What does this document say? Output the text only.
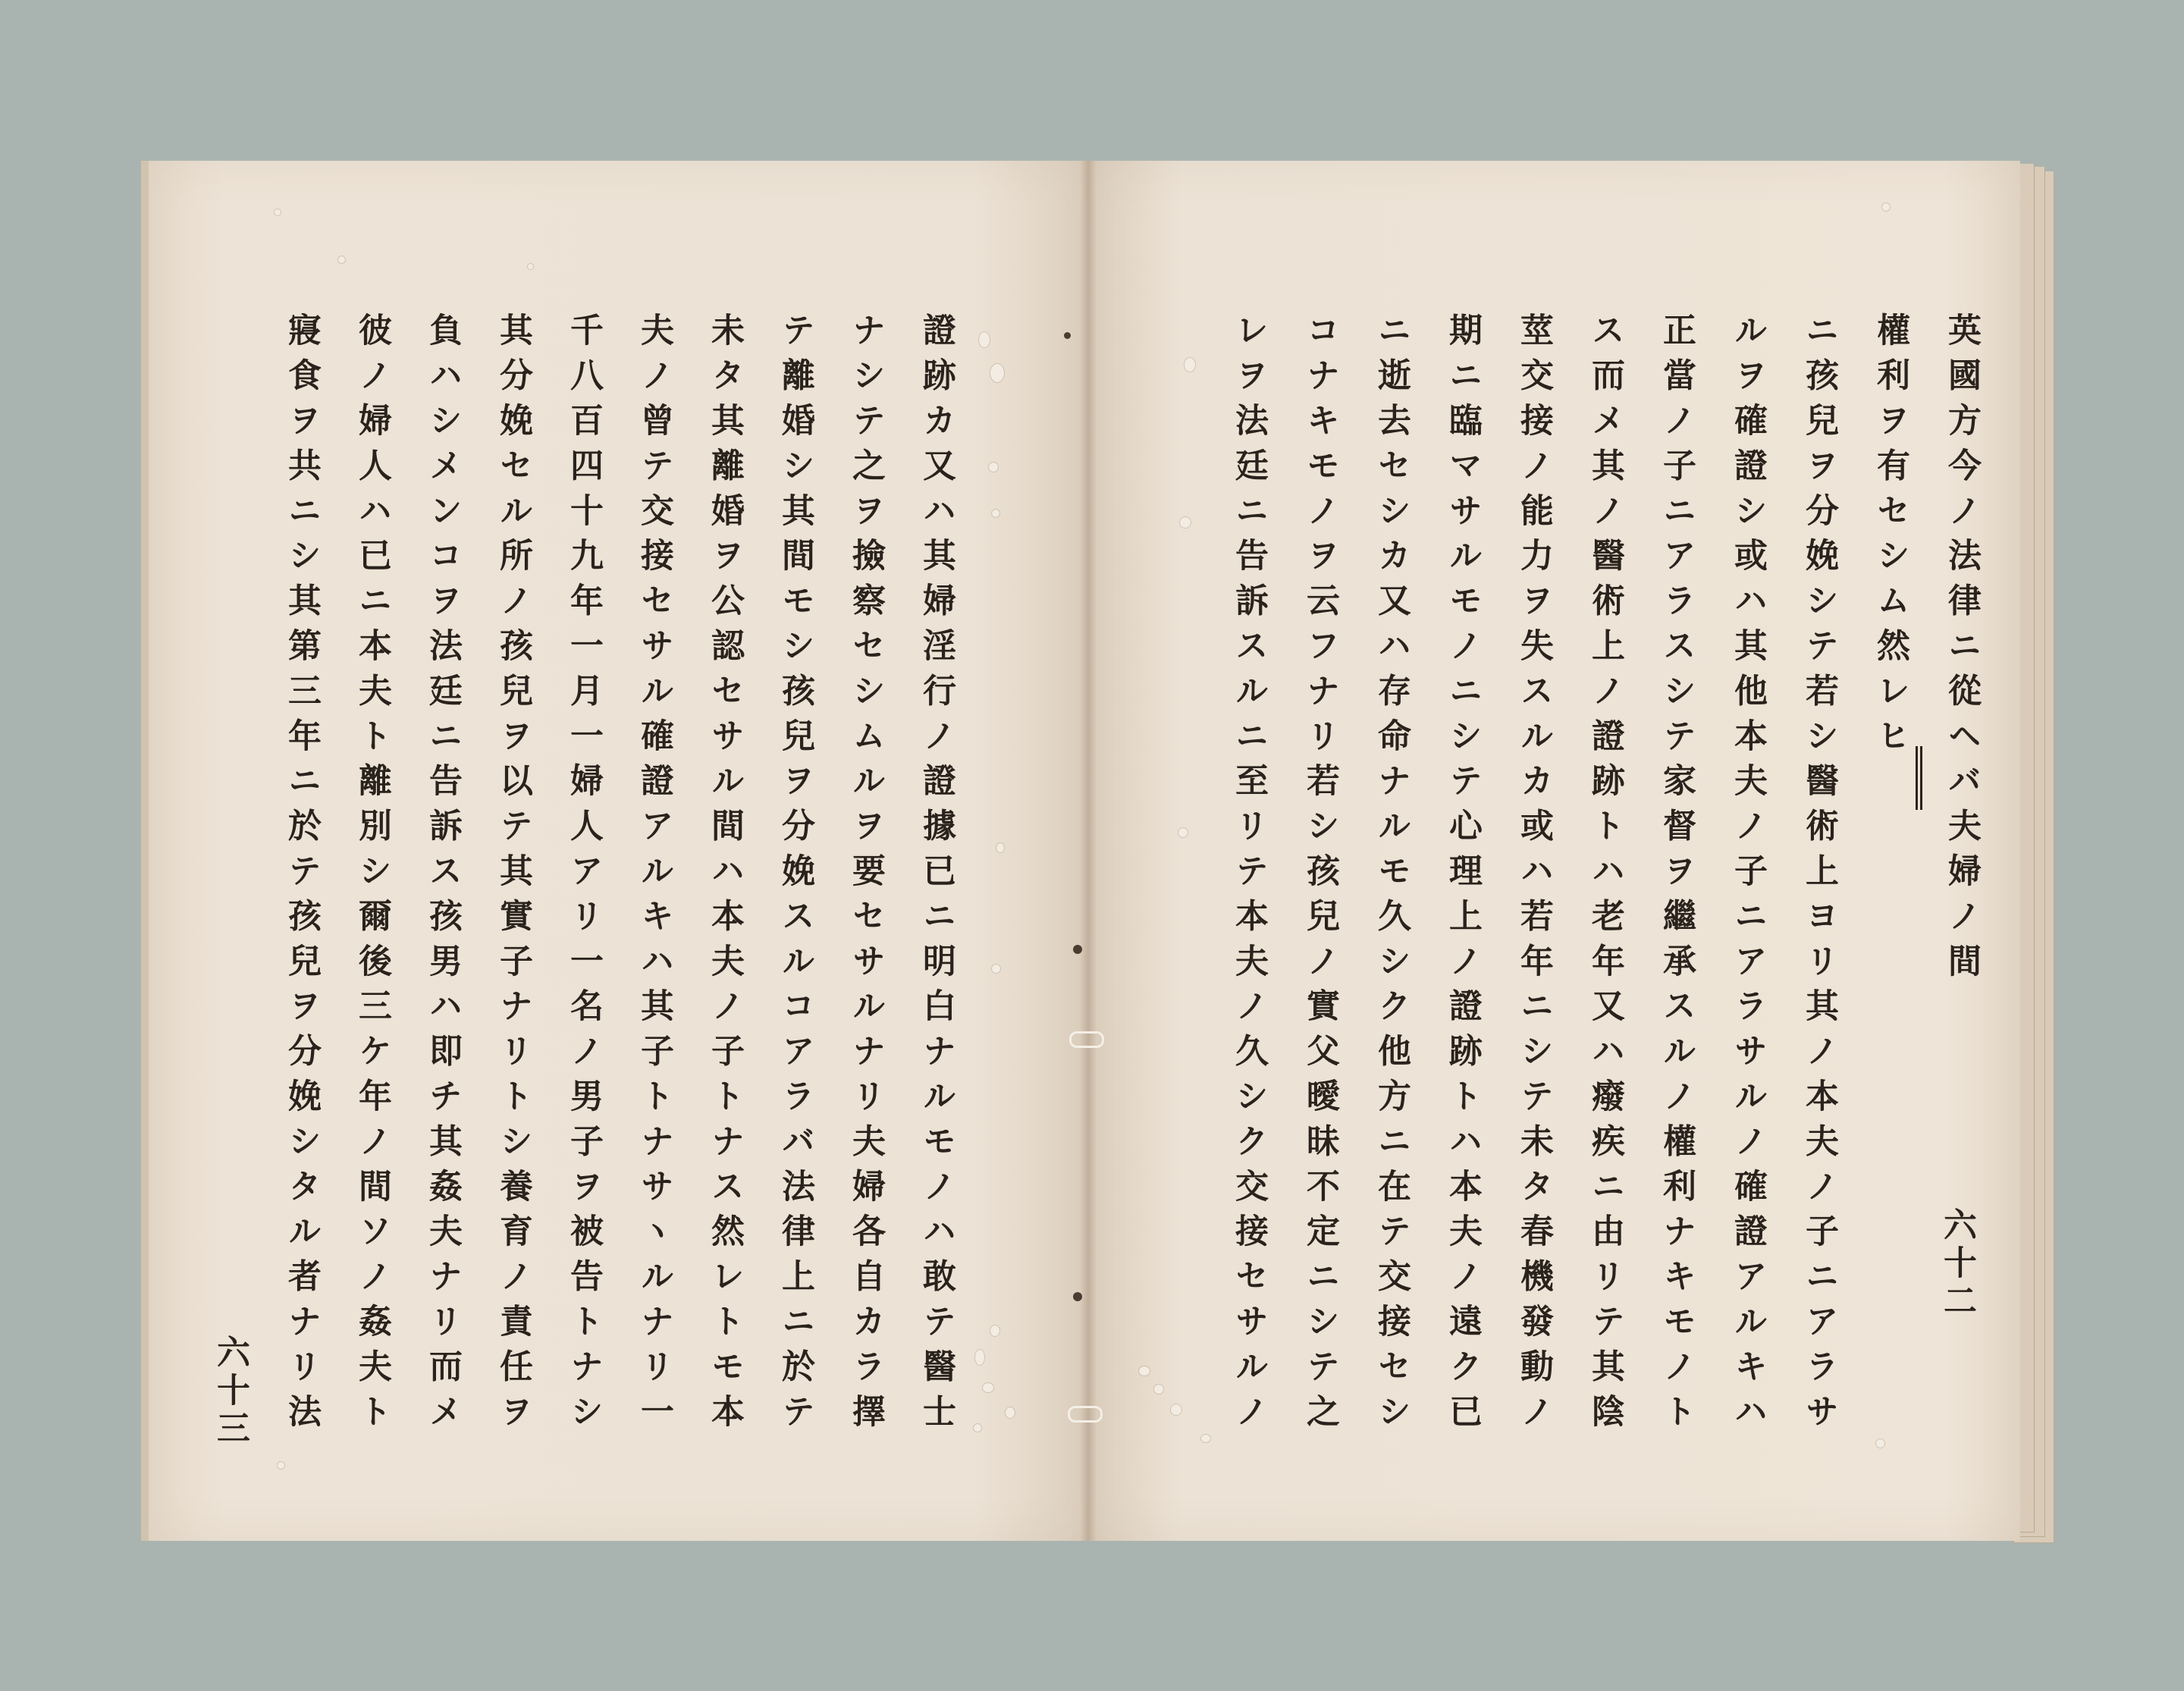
證跡カ又ハ其婦淫行ノ證據已ニ明白ナルモノハ敢テ醫士
ナシテ之ヲ撿察セシムルヲ要セサルナリ夫婦各自カラ擇
テ離婚シ其間モシ孩兒ヲ分娩スルコアラバ法律上ニ於テ
未タ其離婚ヲ公認セサル間ハ本夫ノ子トナス然レトモ本
夫ノ曾テ交接セサル確證アルキハ其子トナサヽルナリ一
千八百四十九年一月一婦人アリ一名ノ男子ヲ被告トナシ
其分娩セル所ノ孩兒ヲ以テ其實子ナリトシ養育ノ責任ヲ
負ハシメンコヲ法廷ニ告訴ス孩男ハ即チ其姦夫ナリ而メ
彼ノ婦人ハ已ニ本夫ト離別シ爾後三ケ年ノ間ソノ姦夫ト
寢食ヲ共ニシ其第三年ニ於テ孩兒ヲ分娩シタル者ナリ法
六十三
英國方今ノ法律ニ從ヘバ夫婦ノ間
權利ヲ有セシム然レヒ
ニ孩兒ヲ分娩シテ若シ醫術上ヨリ其ノ本夫ノ子ニアラサ
ルヲ確證シ或ハ其他本夫ノ子ニアラサルノ確證アルキハ
正當ノ子ニアラスシテ家督ヲ繼承スルノ權利ナキモノト
ス而メ其ノ醫術上ノ證跡トハ老年又ハ癈疾ニ由リテ其陰
莖交接ノ能力ヲ失スルカ或ハ若年ニシテ未タ春機發動ノ
期ニ臨マサルモノニシテ心理上ノ證跡トハ本夫ノ遠ク已
ニ逝去セシカ又ハ存命ナルモ久シク他方ニ在テ交接セシ
コナキモノヲ云フナリ若シ孩兒ノ實父曖昧不定ニシテ之
レヲ法廷ニ告訴スルニ至リテ本夫ノ久シク交接セサルノ	六十二
